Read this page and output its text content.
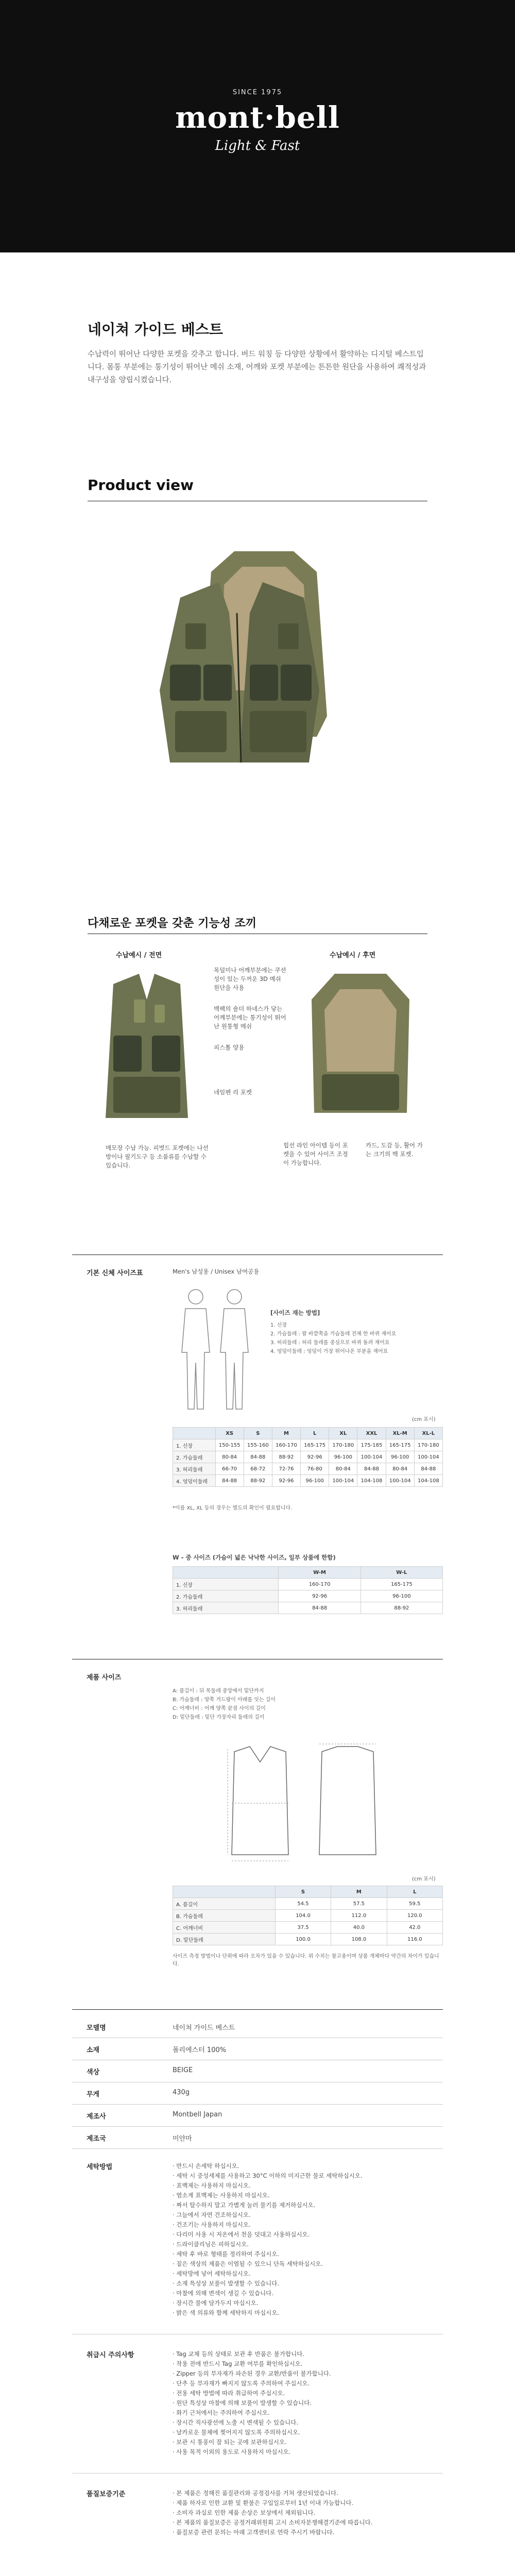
SINCE 1975
mont·bell
Light & Fast
네이쳐 가이드 베스트
수납력이 뛰어난 다양한 포켓을 갖추고 합니다. 버드 워칭 등 다양한 상황에서 활약하는 디지털 베스트입니다. 몸통 부분에는 통기성이 뛰어난 메쉬 소재, 어깨와 포켓 부분에는 튼튼한 원단을 사용하여 쾌적성과 내구성을 양립시켰습니다.
Product view
다채로운 포켓을 갖춘 기능성 조끼
수납예시 / 전면	수납예시 / 후면
목덜미나 어깨부분에는 쿠션성이 있는 두꺼운 3D 메쉬 원단을 사용
백팩의 숄더 하네스가 닿는 어깨부분에는 통기성이 뛰어난 원통형 메쉬
피스톨 양용
네임펜 리 포켓
메모장 수납 가능. 피벗드 포켓에는 나선방이나 필기도구 등 소품류를 수납할 수 있습니다.
힙선 라인 아이템 등이 포켓을 수 있어 사이즈 조정이 가능합니다.
카드, 도감 등, 활어 가는 크기의 백 포켓.
기본 신체 사이즈표	Men's 남성용 / Unisex 남여공용
[사이즈 재는 방법]
1. 신장
2. 가슴둘레 : 팔 바깥쪽을 가슴둘레 전체 한 바퀴 재어요
3. 허리둘레 : 허리 둘레를 중심으로 바퀴 돌려 재어요
4. 엉덩이둘레 : 엉덩이 가장 튀어나온 부분을 재어요
(cm 표시)
	XS	S	M	L	XL	XXL	XL-M	XL-L
1. 신장	150-155	155-160	160-170	165-175	170-180	175-185	165-175	170-180
2. 가슴둘레	80-84	84-88	88-92	92-96	96-100	100-104	96-100	100-104
3. 허리둘레	66-70	68-72	72-76	76-80	80-84	84-88	80-84	84-88
4. 엉덩이둘레	84-88	88-92	92-96	96-100	100-104	104-108	100-104	104-108
*이름 XL, XL 등의 경우는 별도의 확인이 필요합니다.
W - 중 사이즈 (가슴이 넓은 낙낙한 사이즈, 일부 상품에 한함)
	W-M	W-L
1. 신장	160-170	165-175
2. 가슴둘레	92-96	96-100
3. 허리둘레	84-88	88-92
제품 사이즈
A: 품길이 : 뒤 목둘레 중앙에서 밑단까지
B: 가슴둘레 : 양쪽 겨드랑이 아래를 잇는 길이
C: 어깨너비 : 어깨 양쪽 끝점 사이의 길이
D: 밑단둘레 : 밑단 가장자리 둘레의 길이
(cm 표시)
	S	M	L
A. 품길이	54.5	57.5	59.5
B. 가슴둘레	104.0	112.0	120.0
C. 어깨너비	37.5	40.0	42.0
D. 밑단둘레	100.0	108.0	116.0
사이즈 측정 방법이나 단위에 따라 오차가 있을 수 있습니다. 위 수치는 참고용이며 상품 개체마다 약간의 차이가 있습니다.
모델명	네이쳐 가이드 베스트
소재	폴리에스터 100%
색상	BEIGE
무게	430g
제조사	Montbell Japan
제조국	미얀마
세탁방법	· 반드시 손세탁 하십시오.
· 세탁 시 중성세제를 사용하고 30°C 이하의 미지근한 물로 세탁하십시오.
· 표백제는 사용하지 마십시오.
· 염소계 표백제는 사용하지 마십시오.
· 짜서 탈수하지 말고 가볍게 눌러 물기를 제거하십시오.
· 그늘에서 자연 건조하십시오.
· 건조기는 사용하지 마십시오.
· 다리미 사용 시 저온에서 천을 덧대고 사용하십시오.
· 드라이클리닝은 피하십시오.
· 세탁 후 바로 형태를 정리하여 주십시오.
· 짙은 색상의 제품은 이염될 수 있으니 단독 세탁하십시오.
· 세탁망에 넣어 세탁하십시오.
· 소재 특성상 보풀이 발생할 수 있습니다.
· 마찰에 의해 변색이 생길 수 있습니다.
· 장시간 물에 담가두지 마십시오.
· 밝은 색 의류와 함께 세탁하지 마십시오.
취급시 주의사항	· Tag 교체 등의 상태로 보관 후 반품은 불가합니다.
· 착용 전에 반드시 Tag 교환 여부를 확인하십시오.
· Zipper 등의 부자재가 파손된 경우 교환/반품이 불가합니다.
· 단추 등 부자재가 빠지지 않도록 주의하여 주십시오.
· 전용 세탁 방법에 따라 취급하여 주십시오.
· 원단 특성상 마찰에 의해 보풀이 발생할 수 있습니다.
· 화기 근처에서는 주의하여 주십시오.
· 장시간 직사광선에 노출 시 변색될 수 있습니다.
· 날카로운 물체에 찢어지지 않도록 주의하십시오.
· 보관 시 통풍이 잘 되는 곳에 보관하십시오.
· 사용 목적 이외의 용도로 사용하지 마십시오.
품질보증기준	· 본 제품은 정해진 품질관리와 공정검사를 거쳐 생산되었습니다.
· 제품 하자로 인한 교환 및 환불은 구입일로부터 1년 이내 가능합니다.
· 소비자 과실로 인한 제품 손상은 보상에서 제외됩니다.
· 본 제품의 품질보증은 공정거래위원회 고시 소비자분쟁해결기준에 따릅니다.
· 품질보증 관련 문의는 아래 고객센터로 연락 주시기 바랍니다.
